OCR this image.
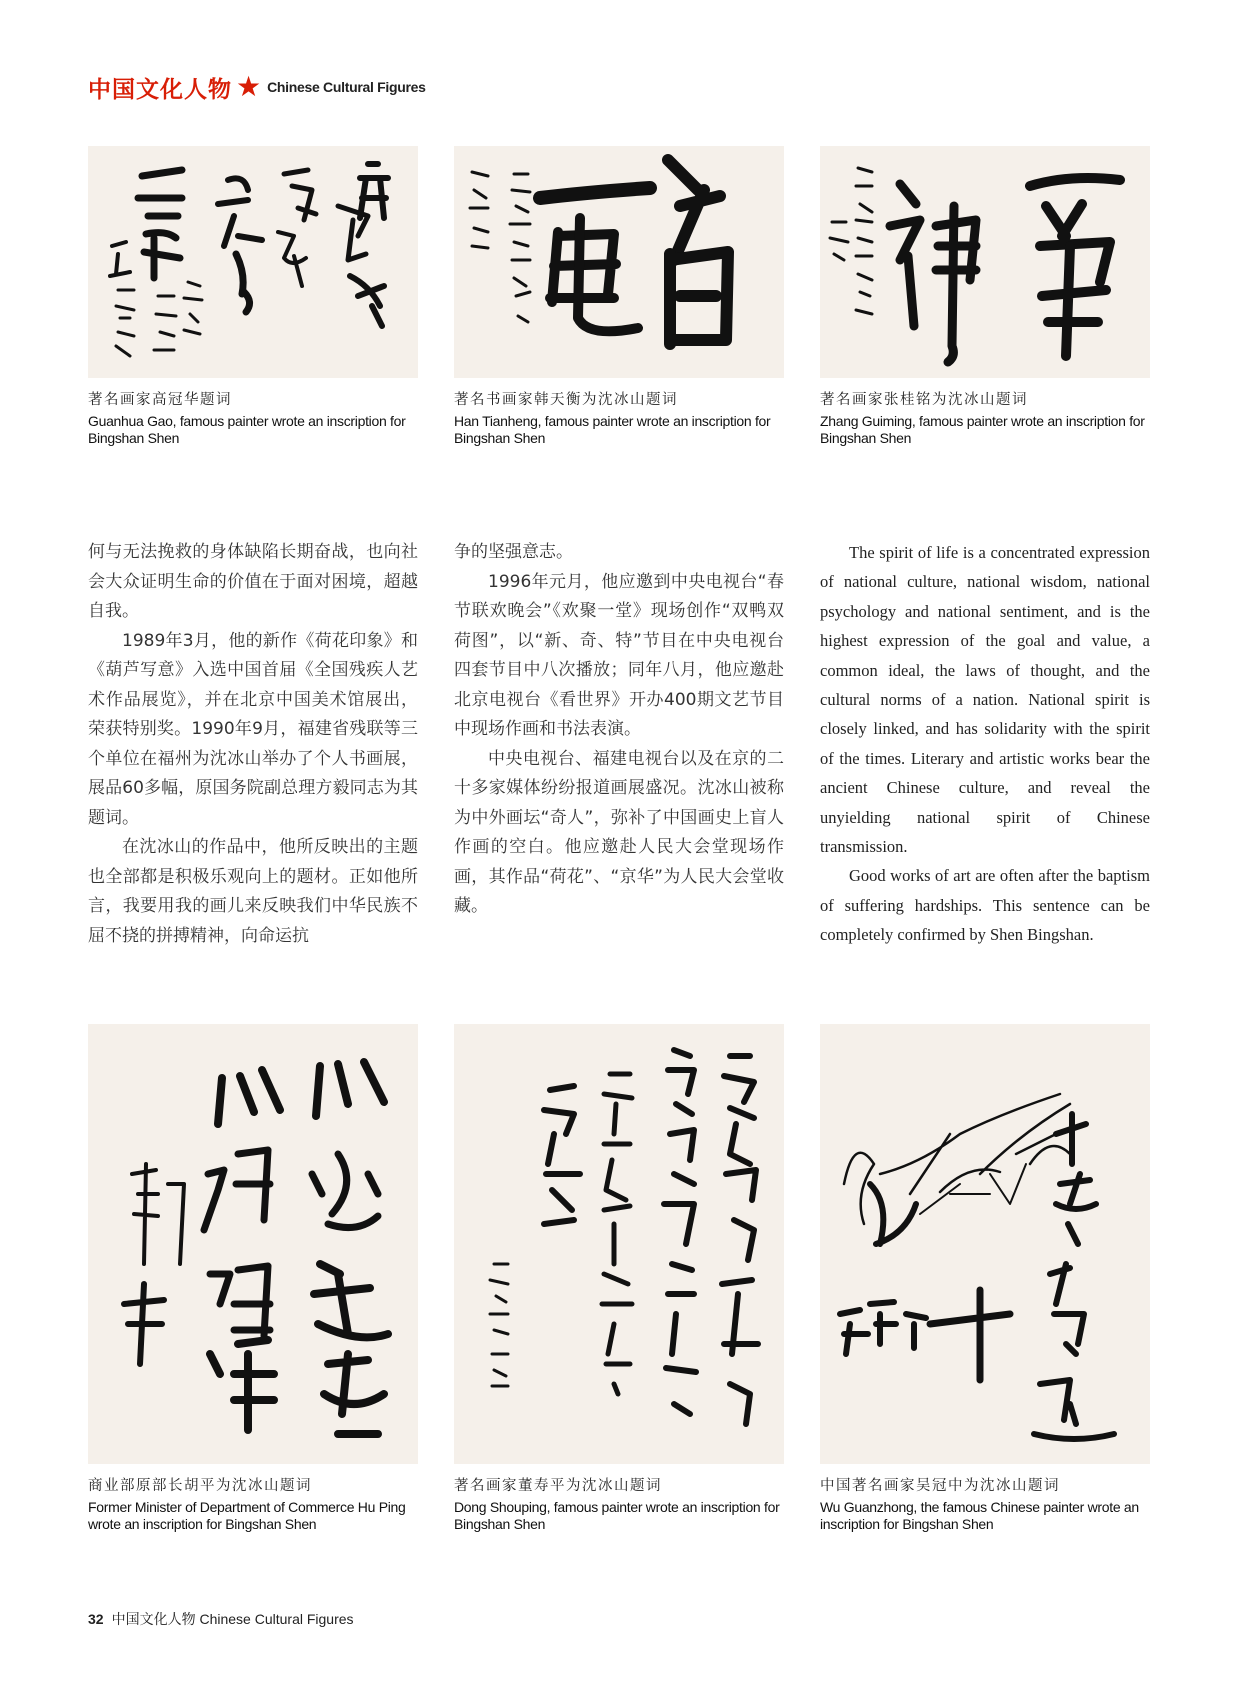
中国文化人物 ★ Chinese Cultural Figures
著名画家高冠华题词
Guanhua Gao, famous painter wrote an inscription for Bingshan Shen
著名书画家韩天衡为沈冰山题词
Han Tianheng, famous painter wrote an inscription for Bingshan Shen
著名画家张桂铭为沈冰山题词
Zhang Guiming, famous painter wrote an inscription for Bingshan Shen

何与无法挽救的身体缺陷长期奋战，也向社会大众证明生命的价值在于面对困境，超越自我。

1989年3月，他的新作《荷花印象》和《葫芦写意》入选中国首届《全国残疾人艺术作品展览》，并在北京中国美术馆展出，荣获特别奖。1990年9月，福建省残联等三个单位在福州为沈冰山举办了个人书画展，展品60多幅，原国务院副总理方毅同志为其题词。

在沈冰山的作品中，他所反映出的主题也全部都是积极乐观向上的题材。正如他所言，我要用我的画儿来反映我们中华民族不屈不挠的拼搏精神，向命运抗

争的坚强意志。

1996年元月，他应邀到中央电视台“春节联欢晚会”《欢聚一堂》现场创作“双鸭双荷图”，以“新、奇、特”节目在中央电视台四套节目中八次播放；同年八月，他应邀赴北京电视台《看世界》开办400期文艺节目中现场作画和书法表演。

中央电视台、福建电视台以及在京的二十多家媒体纷纷报道画展盛况。沈冰山被称为中外画坛“奇人”，弥补了中国画史上盲人作画的空白。他应邀赴人民大会堂现场作画，其作品“荷花”、“京华”为人民大会堂收藏。

The spirit of life is a concentrated expression of national culture, national wisdom, national psychology and national sentiment, and is the highest expression of the goal and value, a common ideal, the laws of thought, and the cultural norms of a nation. National spirit is closely linked, and has solidarity with the spirit of the times. Literary and artistic works bear the ancient Chinese culture, and reveal the unyielding national spirit of Chinese transmission.

Good works of art are often after the baptism of suffering hardships. This sentence can be completely confirmed by Shen Bingshan.

商业部原部长胡平为沈冰山题词
Former Minister of Department of Commerce Hu Ping wrote an inscription for Bingshan Shen
著名画家董寿平为沈冰山题词
Dong Shouping, famous painter wrote an inscription for Bingshan Shen
中国著名画家吴冠中为沈冰山题词
Wu Guanzhong, the famous Chinese painter wrote an inscription for Bingshan Shen
32 中国文化人物 Chinese Cultural Figures
